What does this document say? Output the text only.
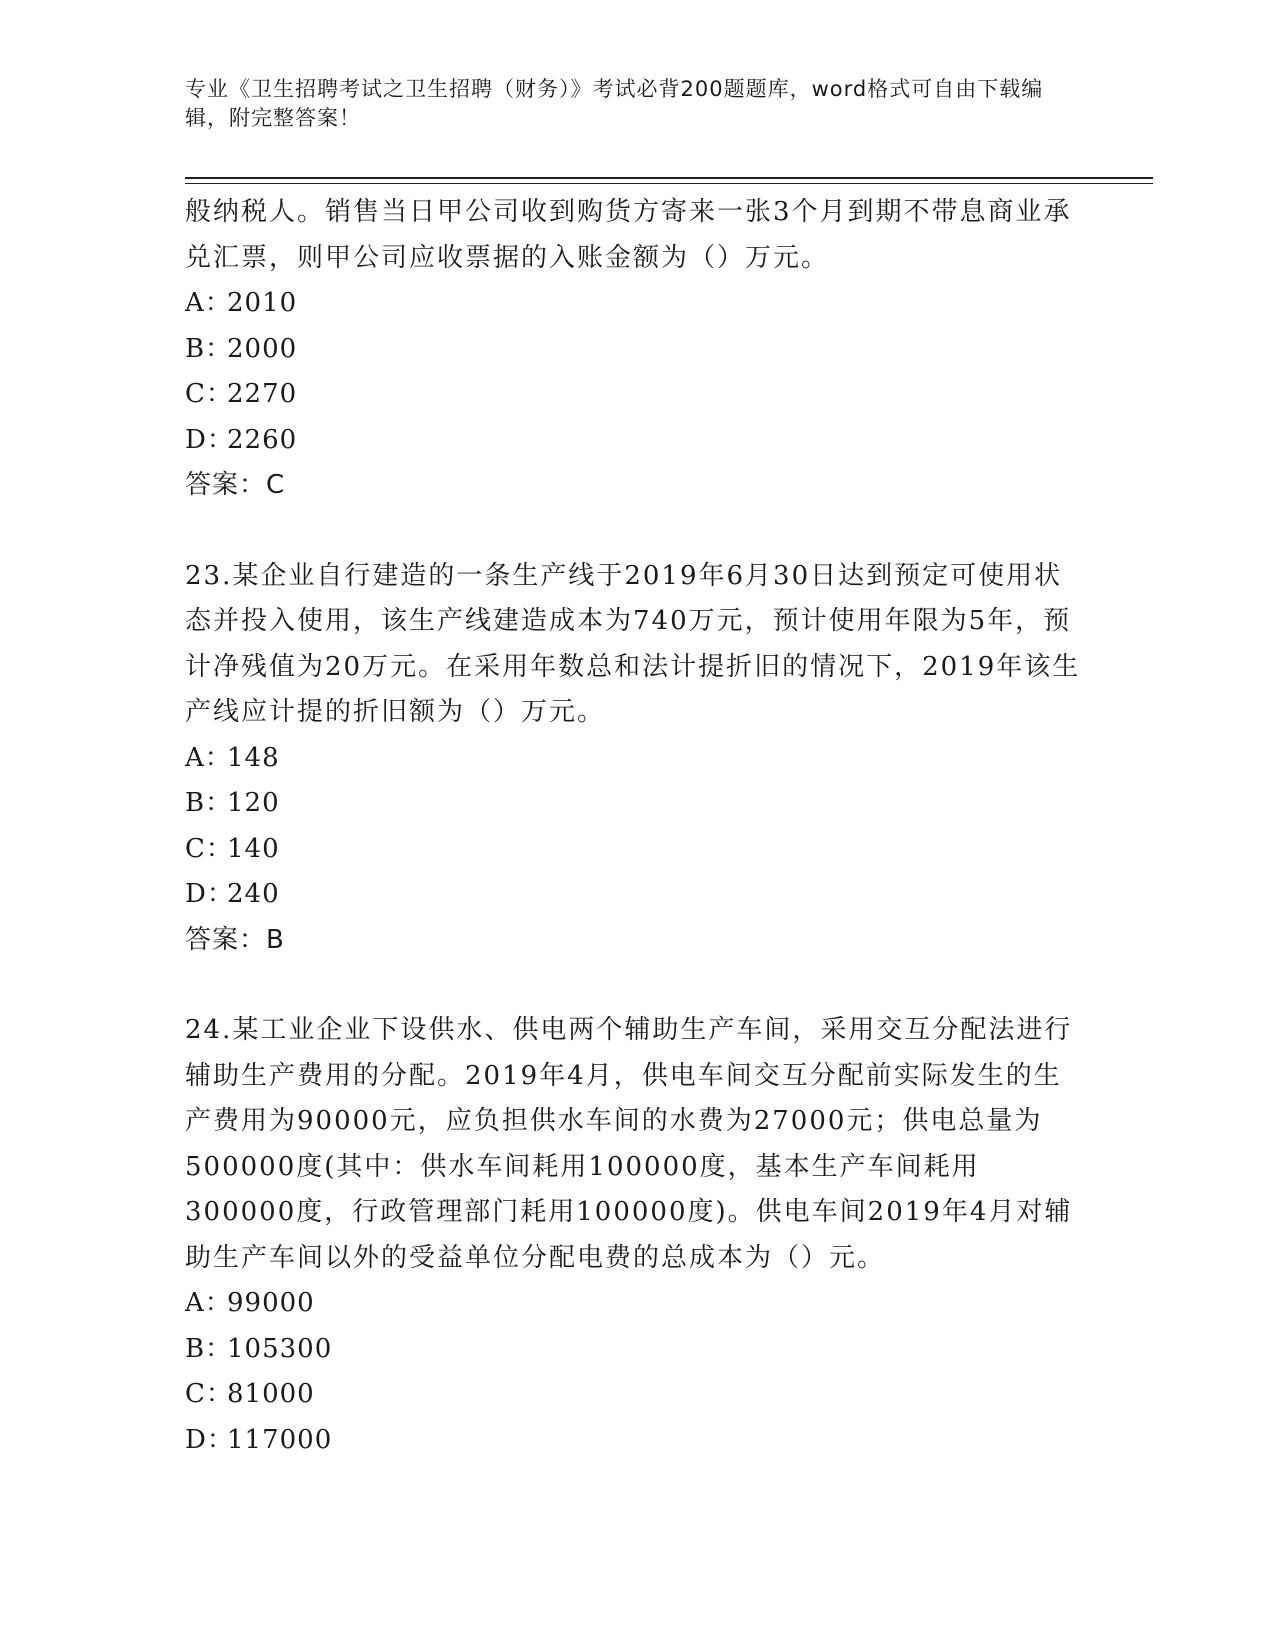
专业《卫生招聘考试之卫生招聘（财务）》考试必背200题题库，word格式可自由下载编辑，附完整答案！
般纳税人。销售当日甲公司收到购货方寄来一张3个月到期不带息商业承兑汇票，则甲公司应收票据的入账金额为（）万元。
A：2010
B：2000
C：2270
D：2260
答案：C
23.某企业自行建造的一条生产线于2019年6月30日达到预定可使用状态并投入使用，该生产线建造成本为740万元，预计使用年限为5年，预计净残值为20万元。在采用年数总和法计提折旧的情况下，2019年该生产线应计提的折旧额为（）万元。
A：148
B：120
C：140
D：240
答案：B
24.某工业企业下设供水、供电两个辅助生产车间，采用交互分配法进行辅助生产费用的分配。2019年4月，供电车间交互分配前实际发生的生产费用为90000元，应负担供水车间的水费为27000元；供电总量为500000度(其中：供水车间耗用100000度，基本生产车间耗用300000度，行政管理部门耗用100000度)。供电车间2019年4月对辅助生产车间以外的受益单位分配电费的总成本为（）元。
A：99000
B：105300
C：81000
D：117000
